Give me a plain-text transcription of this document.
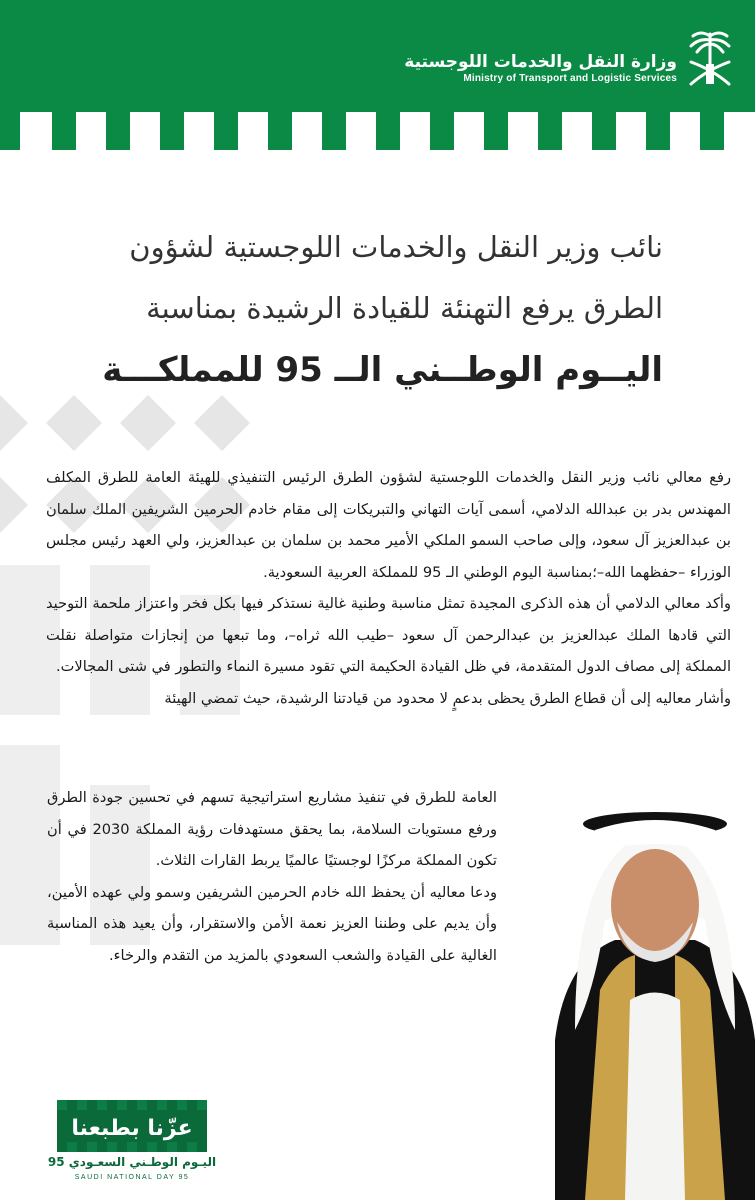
وزارة النقل والخدمات اللوجستية
Ministry of Transport and Logistic Services
نائب وزير النقل والخدمات اللوجستية لشؤون
الطرق يرفع التهنئة للقيادة الرشيدة بمناسبة
اليــوم الوطــني الــ 95 للمملكـــة

رفع معالي نائب وزير النقل والخدمات اللوجستية لشؤون الطرق الرئيس التنفيذي للهيئة العامة للطرق المكلف المهندس بدر بن عبدالله الدلامي، أسمى آيات التهاني والتبريكات إلى مقام خادم الحرمين الشريفين الملك سلمان بن عبدالعزيز آل سعود، وإلى صاحب السمو الملكي الأمير محمد بن سلمان بن عبدالعزيز، ولي العهد رئيس مجلس الوزراء –حفظهما الله–؛بمناسبة اليوم الوطني الـ 95 للمملكة العربية السعودية.

وأكد معالي الدلامي أن هذه الذكرى المجيدة تمثل مناسبة وطنية غالية نستذكر فيها بكل فخر واعتزاز ملحمة التوحيد التي قادها الملك عبدالعزيز بن عبدالرحمن آل سعود –طيب الله ثراه–، وما تبعها من إنجازات متواصلة نقلت المملكة إلى مصاف الدول المتقدمة، في ظل القيادة الحكيمة التي تقود مسيرة النماء والتطور في شتى المجالات.

وأشار معاليه إلى أن قطاع الطرق يحظى بدعمٍ لا محدود من قيادتنا الرشيدة، حيث تمضي الهيئة

العامة للطرق في تنفيذ مشاريع استراتيجية تسهم في تحسين جودة الطرق ورفع مستويات السلامة، بما يحقق مستهدفات رؤية المملكة 2030 في أن تكون المملكة مركزًا لوجستيًا عالميًا يربط القارات الثلاث.

ودعا معاليه أن يحفظ الله خادم الحرمين الشريفين وسمو ولي عهده الأمين، وأن يديم على وطننا العزيز نعمة الأمن والاستقرار، وأن يعيد هذه المناسبة الغالية على القيادة والشعب السعودي بالمزيد من التقدم والرخاء.

عزّنا بطبعنا
اليـوم الوطـني السعـودي 95
SAUDI NATIONAL DAY 95
